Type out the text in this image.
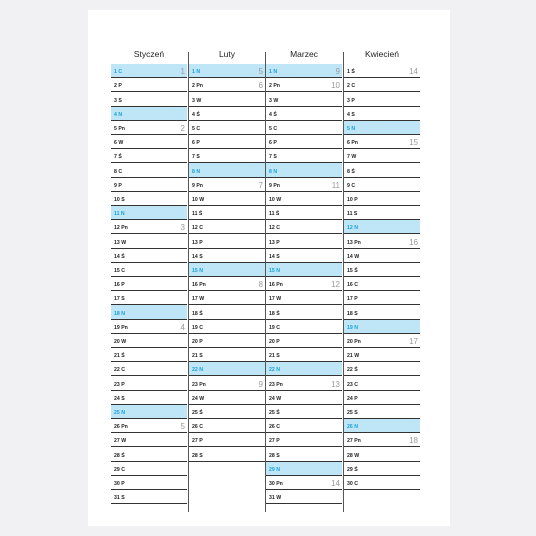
Styczeń
1 C	1
2 P
3 S
4 N
5 Pn	2
6 W
7 Ś
8 C
9 P
10 S
11 N
12 Pn	3
13 W
14 Ś
15 C
16 P
17 S
18 N
19 Pn	4
20 W
21 Ś
22 C
23 P
24 S
25 N
26 Pn	5
27 W
28 Ś
29 C
30 P
31 S
Luty
1 N	5
2 Pn	6
3 W
4 Ś
5 C
6 P
7 S
8 N
9 Pn	7
10 W
11 Ś
12 C
13 P
14 S
15 N
16 Pn	8
17 W
18 Ś
19 C
20 P
21 S
22 N
23 Pn	9
24 W
25 Ś
26 C
27 P
28 S
Marzec
1 N	9
2 Pn	10
3 W
4 Ś
5 C
6 P
7 S
8 N
9 Pn	11
10 W
11 Ś
12 C
13 P
14 S
15 N
16 Pn	12
17 W
18 Ś
19 C
20 P
21 S
22 N
23 Pn	13
24 W
25 Ś
26 C
27 P
28 S
29 N
30 Pn	14
31 W
Kwiecień
1 Ś	14
2 C
3 P
4 S
5 N
6 Pn	15
7 W
8 Ś
9 C
10 P
11 S
12 N
13 Pn	16
14 W
15 Ś
16 C
17 P
18 S
19 N
20 Pn	17
21 W
22 Ś
23 C
24 P
25 S
26 N
27 Pn	18
28 W
29 Ś
30 C
